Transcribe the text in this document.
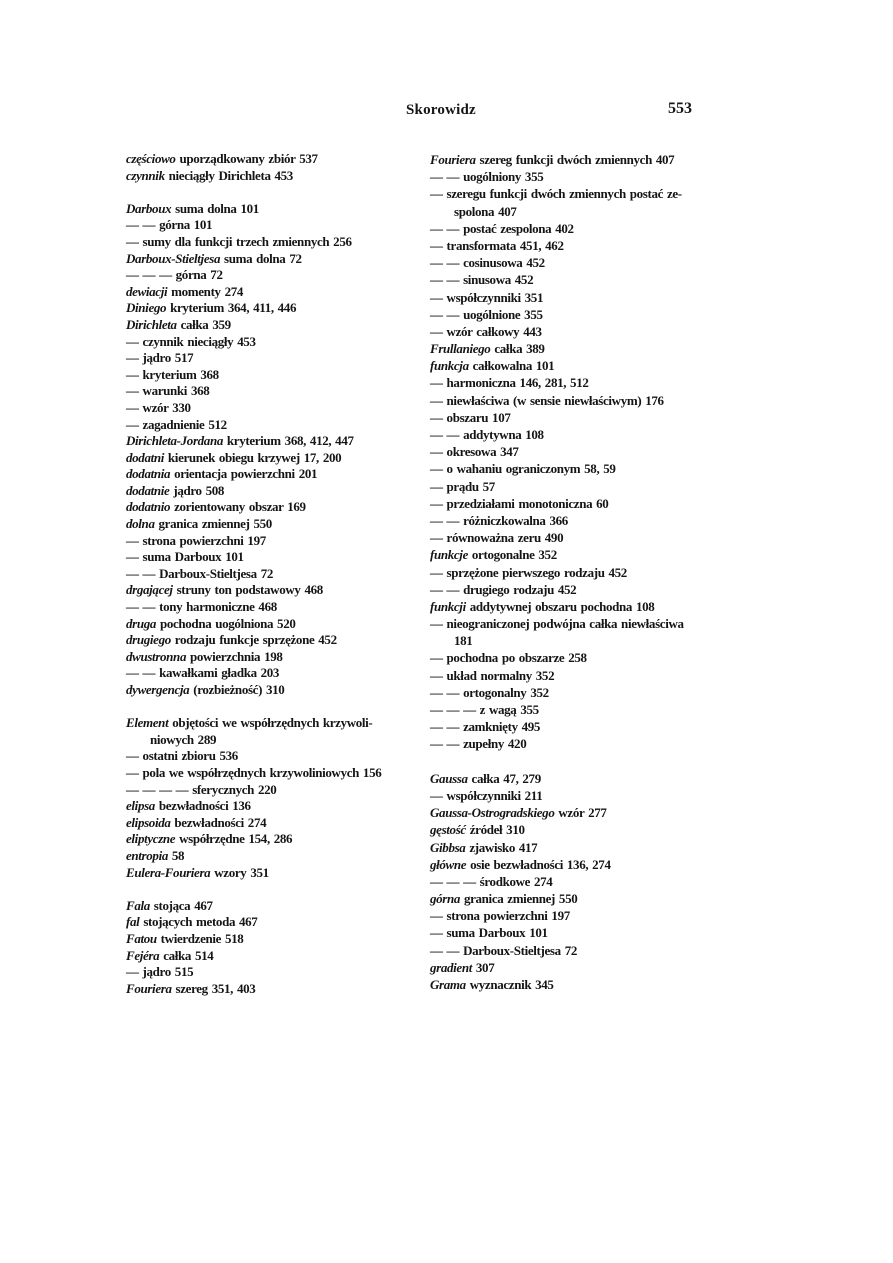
Skorowidz	553
częściowo uporządkowany zbiór 537
czynnik nieciągły Dirichleta 453
Darboux suma dolna 101
— — górna 101
— sumy dla funkcji trzech zmiennych 256
Darboux-Stieltjesa suma dolna 72
— — — górna 72
dewiacji momenty 274
Diniego kryterium 364, 411, 446
Dirichleta całka 359
— czynnik nieciągły 453
— jądro 517
— kryterium 368
— warunki 368
— wzór 330
— zagadnienie 512
Dirichleta-Jordana kryterium 368, 412, 447
dodatni kierunek obiegu krzywej 17, 200
dodatnia orientacja powierzchni 201
dodatnie jądro 508
dodatnio zorientowany obszar 169
dolna granica zmiennej 550
— strona powierzchni 197
— suma Darboux 101
— — Darboux-Stieltjesa 72
drgającej struny ton podstawowy 468
— — tony harmoniczne 468
druga pochodna uogólniona 520
drugiego rodzaju funkcje sprzężone 452
dwustronna powierzchnia 198
— — kawałkami gładka 203
dywergencja (rozbieżność) 310
Element objętości we współrzędnych krzywoli-
niowych 289
— ostatni zbioru 536
— pola we współrzędnych krzywoliniowych 156
— — — — sferycznych 220
elipsa bezwładności 136
elipsoida bezwładności 274
eliptyczne współrzędne 154, 286
entropia 58
Eulera-Fouriera wzory 351
Fala stojąca 467
fal stojących metoda 467
Fatou twierdzenie 518
Fejéra całka 514
— jądro 515
Fouriera szereg 351, 403
Fouriera szereg funkcji dwóch zmiennych 407
— — uogólniony 355
— szeregu funkcji dwóch zmiennych postać ze-
spolona 407
— — postać zespolona 402
— transformata 451, 462
— — cosinusowa 452
— — sinusowa 452
— współczynniki 351
— — uogólnione 355
— wzór całkowy 443
Frullaniego całka 389
funkcja całkowalna 101
— harmoniczna 146, 281, 512
— niewłaściwa (w sensie niewłaściwym) 176
— obszaru 107
— — addytywna 108
— okresowa 347
— o wahaniu ograniczonym 58, 59
— prądu 57
— przedziałami monotoniczna 60
— — różniczkowalna 366
— równoważna zeru 490
funkcje ortogonalne 352
— sprzężone pierwszego rodzaju 452
— — drugiego rodzaju 452
funkcji addytywnej obszaru pochodna 108
— nieograniczonej podwójna całka niewłaściwa
181
— pochodna po obszarze 258
— układ normalny 352
— — ortogonalny 352
— — — z wagą 355
— — zamknięty 495
— — zupełny 420
Gaussa całka 47, 279
— współczynniki 211
Gaussa-Ostrogradskiego wzór 277
gęstość źródeł 310
Gibbsa zjawisko 417
główne osie bezwładności 136, 274
— — — środkowe 274
górna granica zmiennej 550
— strona powierzchni 197
— suma Darboux 101
— — Darboux-Stieltjesa 72
gradient 307
Grama wyznacznik 345
